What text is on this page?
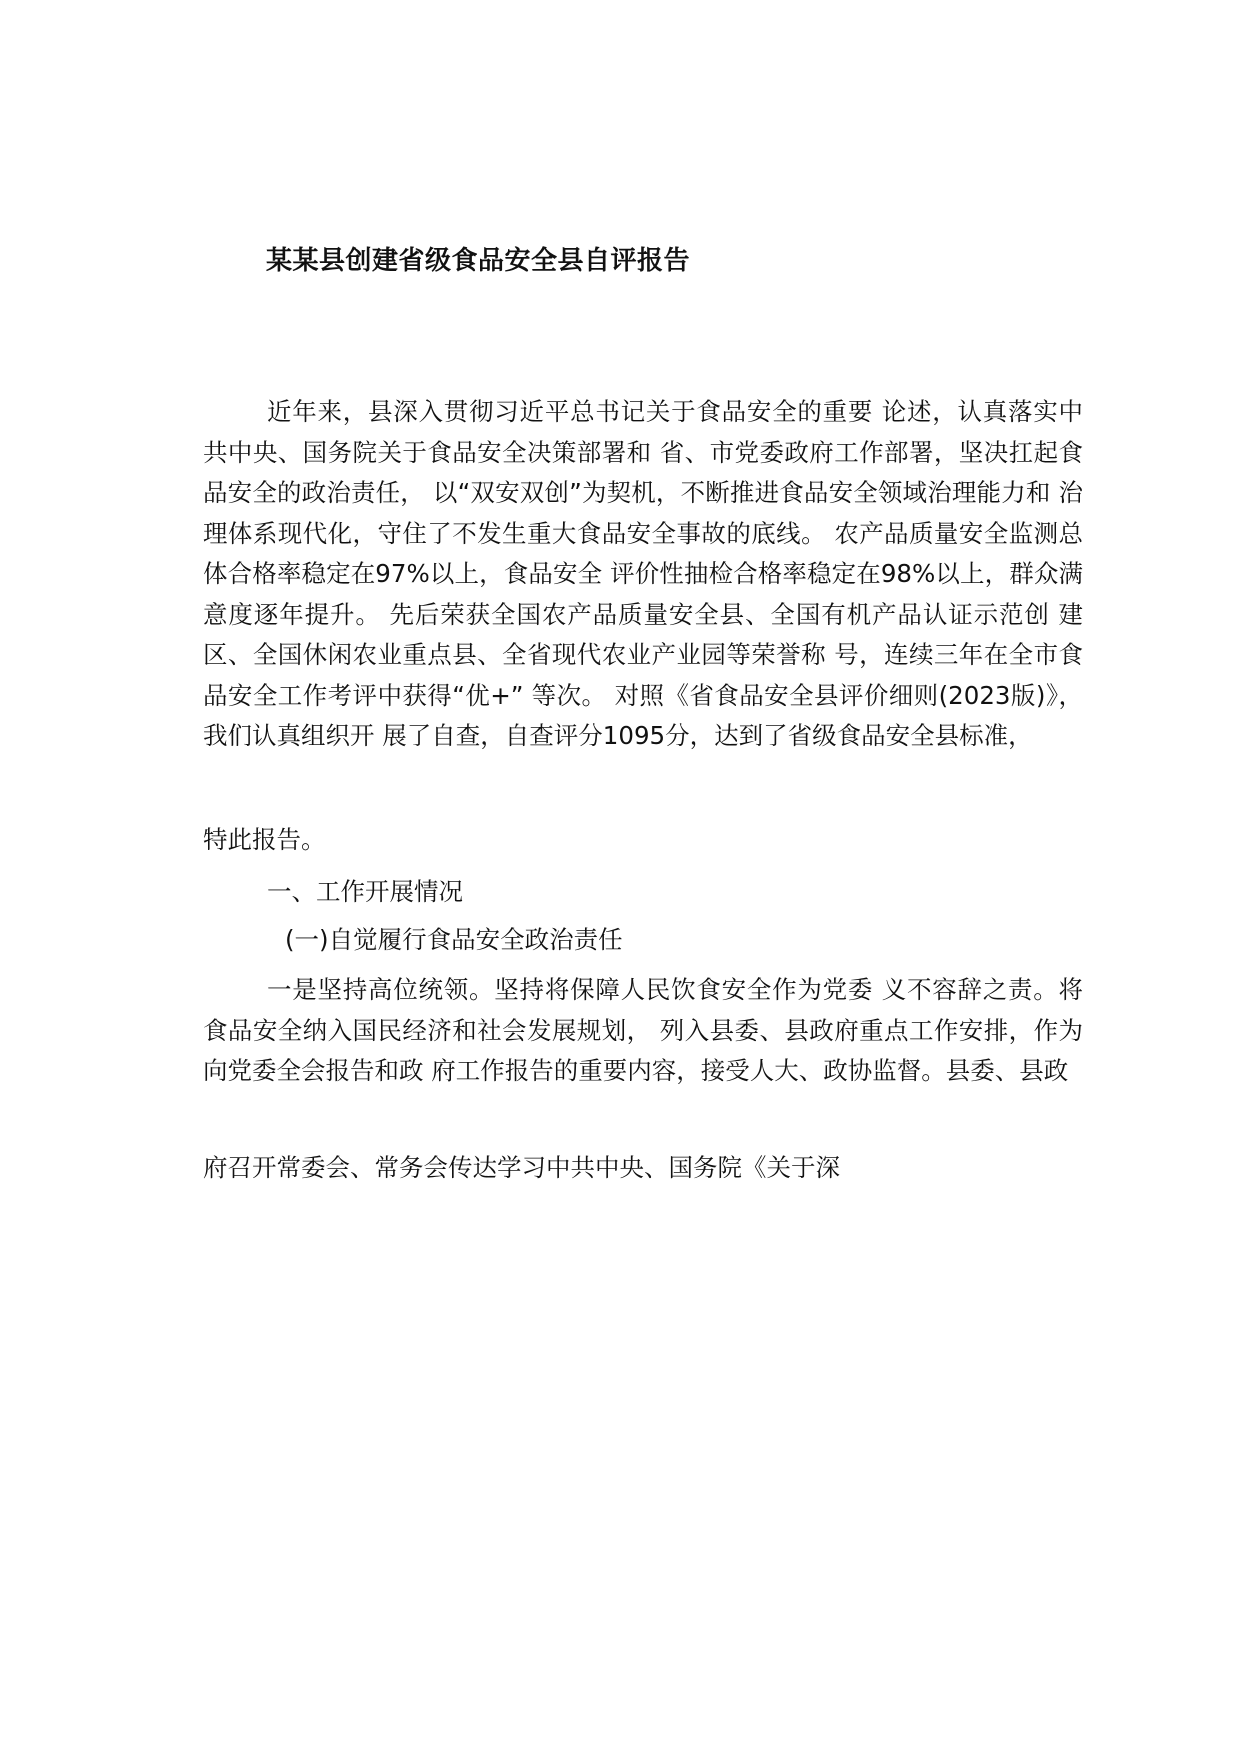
某某县创建省级食品安全县自评报告
近年来，县深入贯彻习近平总书记关于食品安全的重要 论述，认真落实中共中央、国务院关于食品安全决策部署和 省、市党委政府工作部署，坚决扛起食品安全的政治责任， 以“双安双创”为契机，不断推进食品安全领域治理能力和 治理体系现代化，守住了不发生重大食品安全事故的底线。 农产品质量安全监测总体合格率稳定在97%以上，食品安全 评价性抽检合格率稳定在98%以上，群众满意度逐年提升。 先后荣获全国农产品质量安全县、全国有机产品认证示范创 建区、全国休闲农业重点县、全省现代农业产业园等荣誉称 号，连续三年在全市食品安全工作考评中获得“优+” 等次。 对照《省食品安全县评价细则(2023版)》，我们认真组织开 展了自查，自查评分1095分，达到了省级食品安全县标准，
特此报告。
一、工作开展情况
(一)自觉履行食品安全政治责任
一是坚持高位统领。坚持将保障人民饮食安全作为党委 义不容辞之责。将食品安全纳入国民经济和社会发展规划， 列入县委、县政府重点工作安排，作为向党委全会报告和政 府工作报告的重要内容，接受人大、政协监督。县委、县政
府召开常委会、常务会传达学习中共中央、国务院《关于深
